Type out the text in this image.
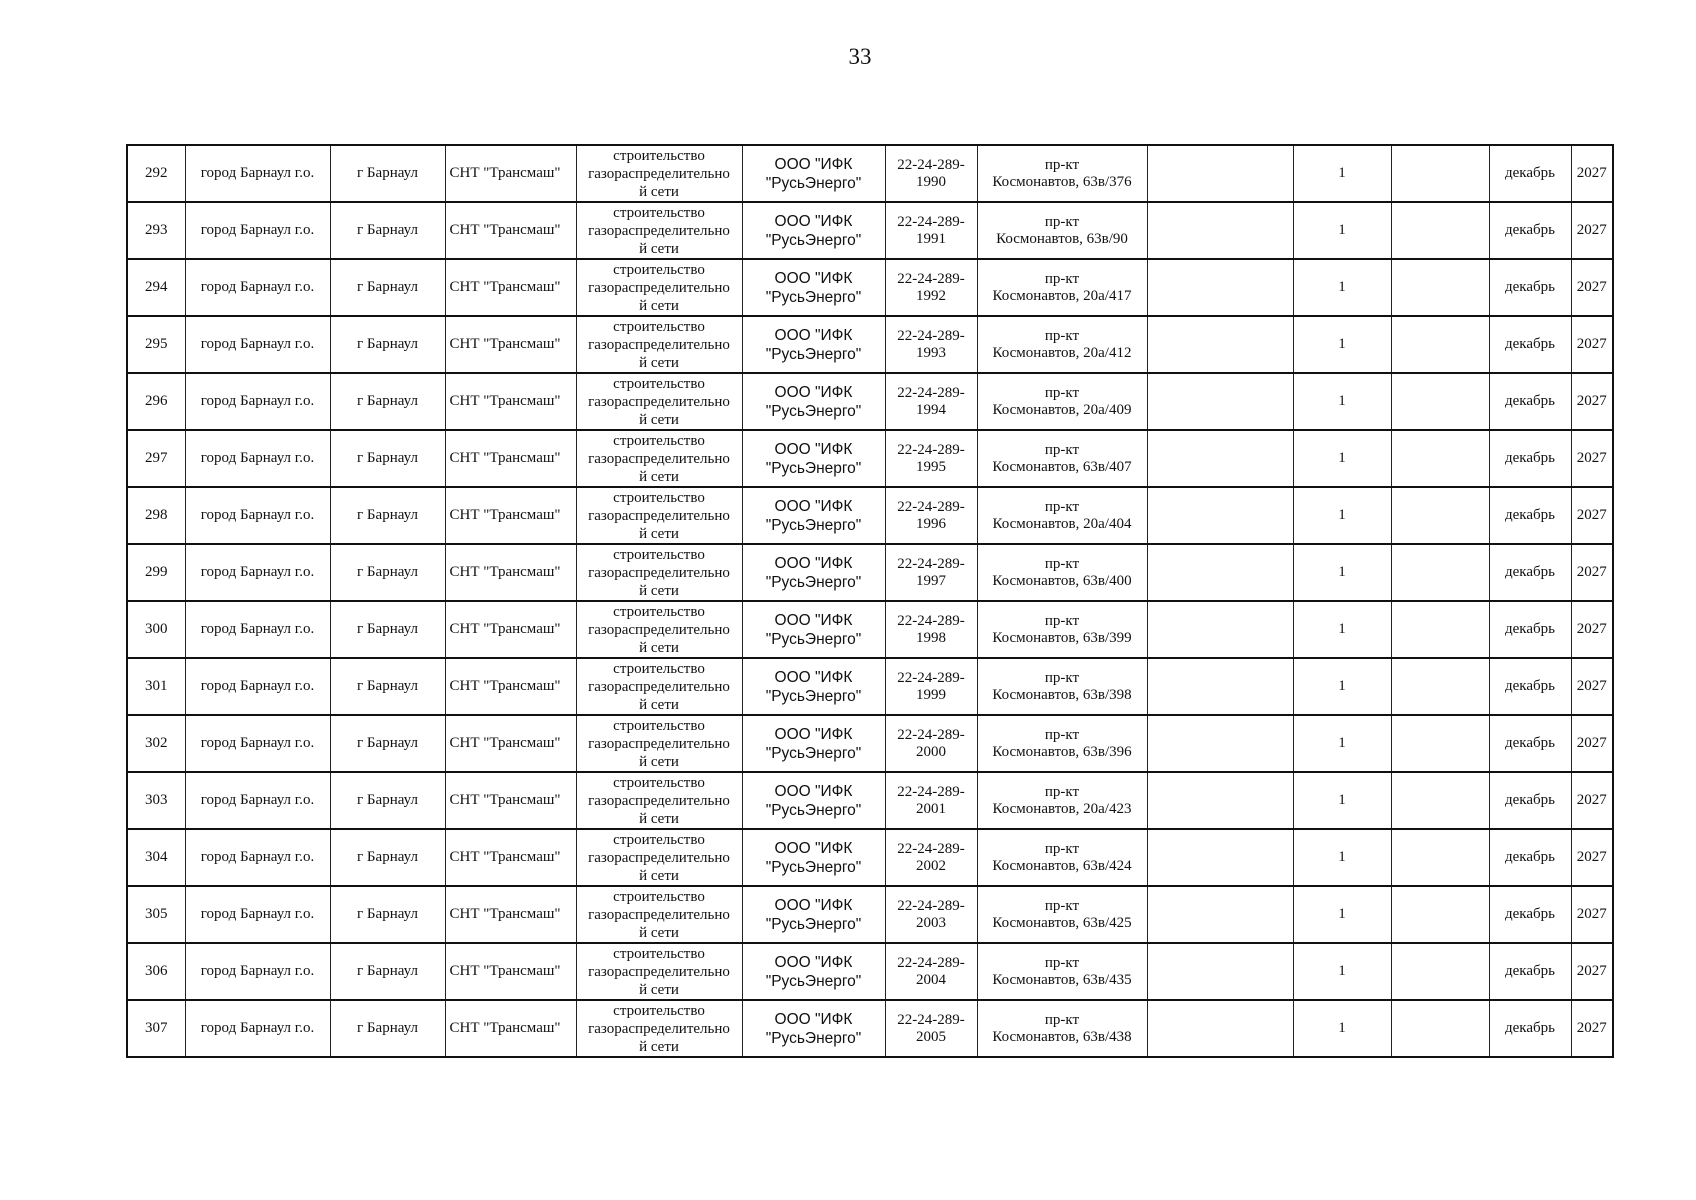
33
292	город Барнаул г.о.	г Барнаул	СНТ "Трансмаш"	строительство
газораспределительно
й сети	ООО "ИФК
"РусьЭнерго"	22-24-289-
1990	пр-кт
Космонавтов, 63в/376		1		декабрь	2027
293	город Барнаул г.о.	г Барнаул	СНТ "Трансмаш"	строительство
газораспределительно
й сети	ООО "ИФК
"РусьЭнерго"	22-24-289-
1991	пр-кт
Космонавтов, 63в/90		1		декабрь	2027
294	город Барнаул г.о.	г Барнаул	СНТ "Трансмаш"	строительство
газораспределительно
й сети	ООО "ИФК
"РусьЭнерго"	22-24-289-
1992	пр-кт
Космонавтов, 20а/417		1		декабрь	2027
295	город Барнаул г.о.	г Барнаул	СНТ "Трансмаш"	строительство
газораспределительно
й сети	ООО "ИФК
"РусьЭнерго"	22-24-289-
1993	пр-кт
Космонавтов, 20а/412		1		декабрь	2027
296	город Барнаул г.о.	г Барнаул	СНТ "Трансмаш"	строительство
газораспределительно
й сети	ООО "ИФК
"РусьЭнерго"	22-24-289-
1994	пр-кт
Космонавтов, 20а/409		1		декабрь	2027
297	город Барнаул г.о.	г Барнаул	СНТ "Трансмаш"	строительство
газораспределительно
й сети	ООО "ИФК
"РусьЭнерго"	22-24-289-
1995	пр-кт
Космонавтов, 63в/407		1		декабрь	2027
298	город Барнаул г.о.	г Барнаул	СНТ "Трансмаш"	строительство
газораспределительно
й сети	ООО "ИФК
"РусьЭнерго"	22-24-289-
1996	пр-кт
Космонавтов, 20а/404		1		декабрь	2027
299	город Барнаул г.о.	г Барнаул	СНТ "Трансмаш"	строительство
газораспределительно
й сети	ООО "ИФК
"РусьЭнерго"	22-24-289-
1997	пр-кт
Космонавтов, 63в/400		1		декабрь	2027
300	город Барнаул г.о.	г Барнаул	СНТ "Трансмаш"	строительство
газораспределительно
й сети	ООО "ИФК
"РусьЭнерго"	22-24-289-
1998	пр-кт
Космонавтов, 63в/399		1		декабрь	2027
301	город Барнаул г.о.	г Барнаул	СНТ "Трансмаш"	строительство
газораспределительно
й сети	ООО "ИФК
"РусьЭнерго"	22-24-289-
1999	пр-кт
Космонавтов, 63в/398		1		декабрь	2027
302	город Барнаул г.о.	г Барнаул	СНТ "Трансмаш"	строительство
газораспределительно
й сети	ООО "ИФК
"РусьЭнерго"	22-24-289-
2000	пр-кт
Космонавтов, 63в/396		1		декабрь	2027
303	город Барнаул г.о.	г Барнаул	СНТ "Трансмаш"	строительство
газораспределительно
й сети	ООО "ИФК
"РусьЭнерго"	22-24-289-
2001	пр-кт
Космонавтов, 20а/423		1		декабрь	2027
304	город Барнаул г.о.	г Барнаул	СНТ "Трансмаш"	строительство
газораспределительно
й сети	ООО "ИФК
"РусьЭнерго"	22-24-289-
2002	пр-кт
Космонавтов, 63в/424		1		декабрь	2027
305	город Барнаул г.о.	г Барнаул	СНТ "Трансмаш"	строительство
газораспределительно
й сети	ООО "ИФК
"РусьЭнерго"	22-24-289-
2003	пр-кт
Космонавтов, 63в/425		1		декабрь	2027
306	город Барнаул г.о.	г Барнаул	СНТ "Трансмаш"	строительство
газораспределительно
й сети	ООО "ИФК
"РусьЭнерго"	22-24-289-
2004	пр-кт
Космонавтов, 63в/435		1		декабрь	2027
307	город Барнаул г.о.	г Барнаул	СНТ "Трансмаш"	строительство
газораспределительно
й сети	ООО "ИФК
"РусьЭнерго"	22-24-289-
2005	пр-кт
Космонавтов, 63в/438		1		декабрь	2027
